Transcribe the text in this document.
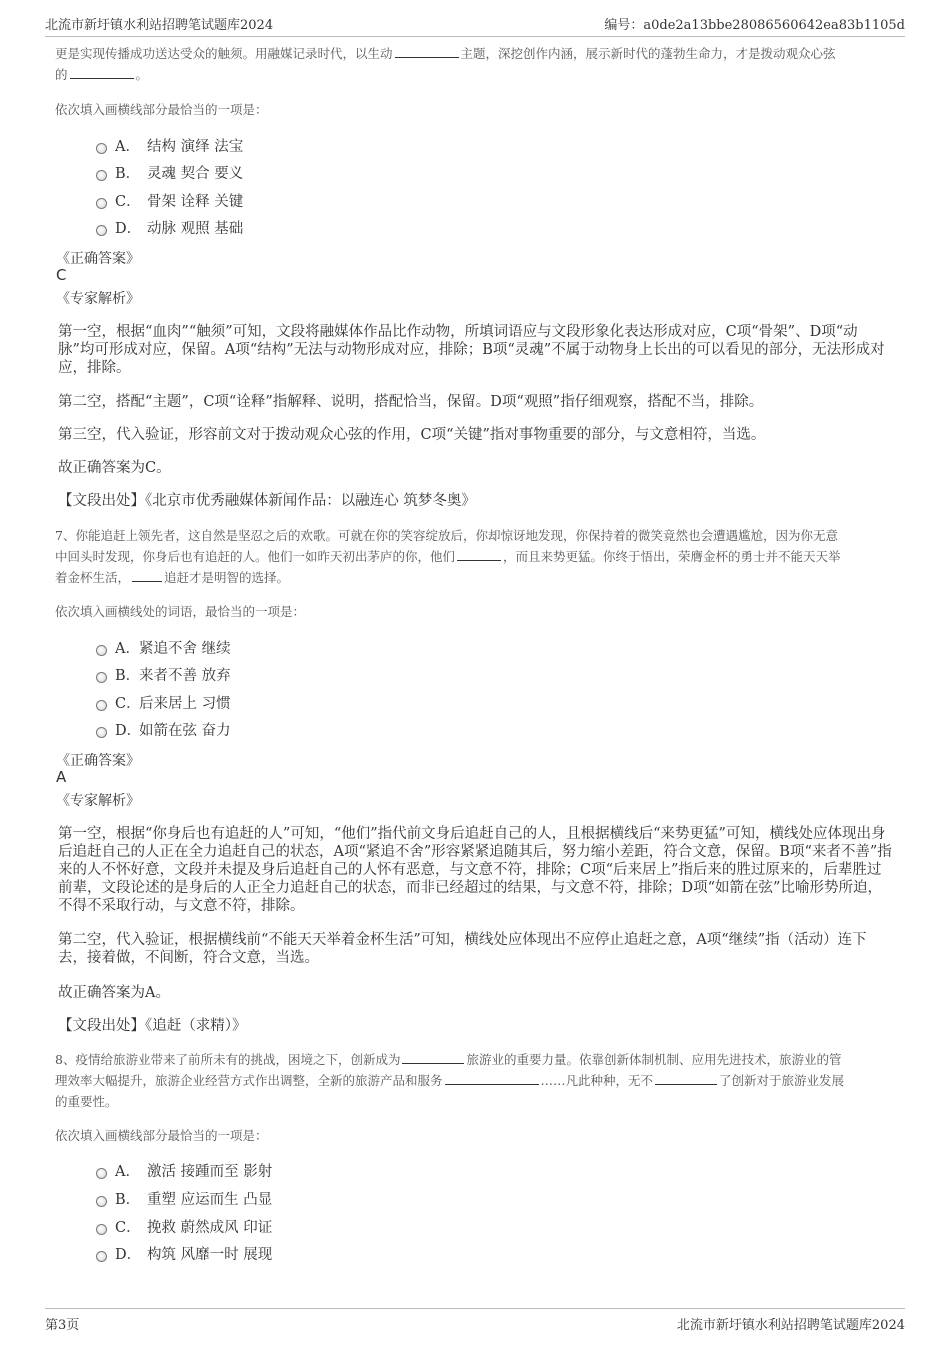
北流市新圩镇水利站招聘笔试题库2024	编号：a0de2a13bbe28086560642ea83b1105d
更是实现传播成功送达受众的触须。用融媒记录时代，以生动	主题，深挖创作内涵，展示新时代的蓬勃生命力，才是拨动观众心弦
的	。
依次填入画横线部分最恰当的一项是：
A． 结构 演绎 法宝
B． 灵魂 契合 要义
C． 骨架 诠释 关键
D． 动脉 观照 基础
《正确答案》
C
《专家解析》
第一空，根据“血肉”“触须”可知，文段将融媒体作品比作动物，所填词语应与文段形象化表达形成对应，C项“骨架”、D项“动脉”均可形成对应，保留。A项“结构”无法与动物形成对应，排除；B项“灵魂”不属于动物身上长出的可以看见的部分，无法形成对应，排除。
第二空，搭配“主题”，C项“诠释”指解释、说明，搭配恰当，保留。D项“观照”指仔细观察，搭配不当，排除。
第三空，代入验证，形容前文对于拨动观众心弦的作用，C项“关键”指对事物重要的部分，与文意相符，当选。
故正确答案为C。
【文段出处】《北京市优秀融媒体新闻作品：以融连心 筑梦冬奥》
7、你能追赶上领先者，这自然是坚忍之后的欢歌。可就在你的笑容绽放后，你却惊讶地发现，你保持着的微笑竟然也会遭遇尴尬，因为你无意
中回头时发现，你身后也有追赶的人。他们一如昨天初出茅庐的你，他们	，而且来势更猛。你终于悟出，荣膺金杯的勇士并不能天天举
着金杯生活，	追赶才是明智的选择。
依次填入画横线处的词语，最恰当的一项是：
A． 紧追不舍 继续
B．
来者不善 放弃
C．
后来居上 习惯
D．
如箭在弦 奋力
《正确答案》
A
《专家解析》
第一空，根据“你身后也有追赶的人”可知，“他们”指代前文身后追赶自己的人，且根据横线后“来势更猛”可知，横线处应体现出身后追赶自己的人正在全力追赶自己的状态，A项“紧追不舍”形容紧紧追随其后，努力缩小差距，符合文意，保留。B项“来者不善”指来的人不怀好意，文段并未提及身后追赶自己的人怀有恶意，与文意不符，排除；C项“后来居上”指后来的胜过原来的，后辈胜过前辈，文段论述的是身后的人正全力追赶自己的状态，而非已经超过的结果，与文意不符，排除；D项“如箭在弦”比喻形势所迫，不得不采取行动，与文意不符，排除。
第二空，代入验证，根据横线前“不能天天举着金杯生活”可知，横线处应体现出不应停止追赶之意，A项“继续”指（活动）连下去，接着做，不间断，符合文意，当选。
故正确答案为A。
【文段出处】《追赶（求精）》
8、疫情给旅游业带来了前所未有的挑战，困境之下，创新成为	旅游业的重要力量。依靠创新体制机制、应用先进技术，旅游业的管
理效率大幅提升，旅游企业经营方式作出调整，全新的旅游产品和服务	……凡此种种，无不	了创新对于旅游业发展
的重要性。
依次填入画横线部分最恰当的一项是：
A． 激活 接踵而至 影射
B． 重塑 应运而生 凸显
C． 挽救 蔚然成风 印证
D． 构筑 风靡一时 展现
第3页	北流市新圩镇水利站招聘笔试题库2024
